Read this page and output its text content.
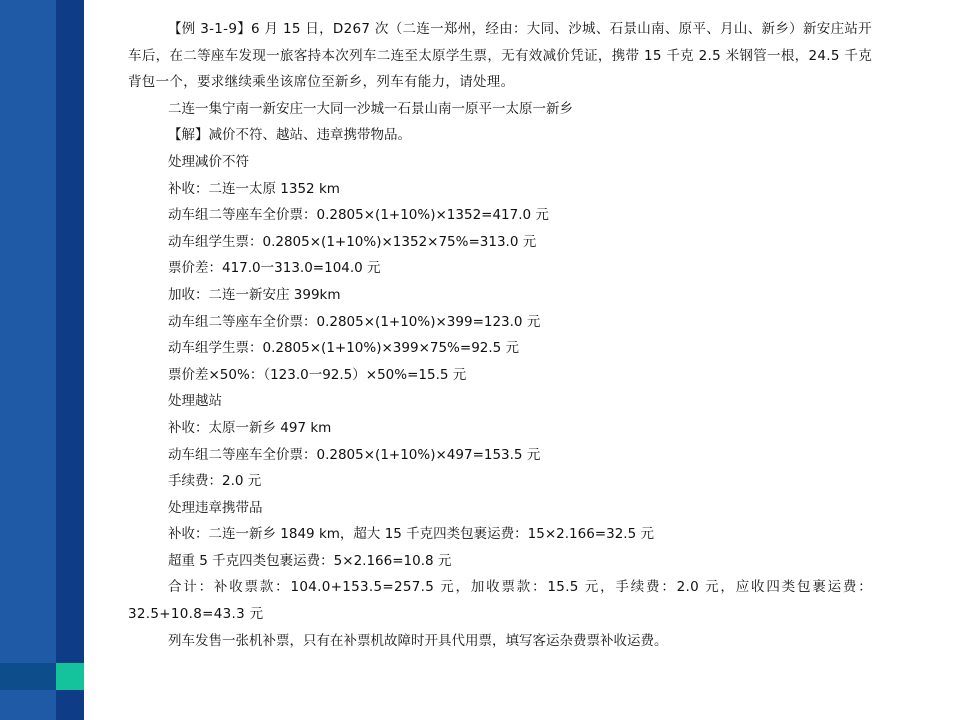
【例 3-1-9】6 月 15 日，D267 次（二连一郑州，经由：大同、沙城、石景山南、原平、月山、新乡）新安庄站开车后，在二等座车发现一旅客持本次列车二连至太原学生票，无有效减价凭证，携带 15 千克 2.5 米钢管一根，24.5 千克背包一个，要求继续乘坐该席位至新乡，列车有能力，请处理。

二连一集宁南一新安庄一大同一沙城一石景山南一原平一太原一新乡

【解】减价不符、越站、违章携带物品。

处理减价不符

补收：二连一太原 1352 km

动车组二等座车全价票：0.2805×(1+10%)×1352=417.0 元

动车组学生票：0.2805×(1+10%)×1352×75%=313.0 元

票价差：417.0一313.0=104.0 元

加收：二连一新安庄 399km

动车组二等座车全价票：0.2805×(1+10%)×399=123.0 元

动车组学生票：0.2805×(1+10%)×399×75%=92.5 元

票价差×50%：（123.0一92.5）×50%=15.5 元

处理越站

补收：太原一新乡 497 km

动车组二等座车全价票：0.2805×(1+10%)×497=153.5 元

手续费：2.0 元

处理违章携带品

补收：二连一新乡 1849 km，超大 15 千克四类包裹运费：15×2.166=32.5 元

超重 5 千克四类包裹运费：5×2.166=10.8 元

合计：补收票款：104.0+153.5=257.5 元，加收票款：15.5 元，手续费：2.0 元，应收四类包裹运费：32.5+10.8=43.3 元

列车发售一张机补票，只有在补票机故障时开具代用票，填写客运杂费票补收运费。
